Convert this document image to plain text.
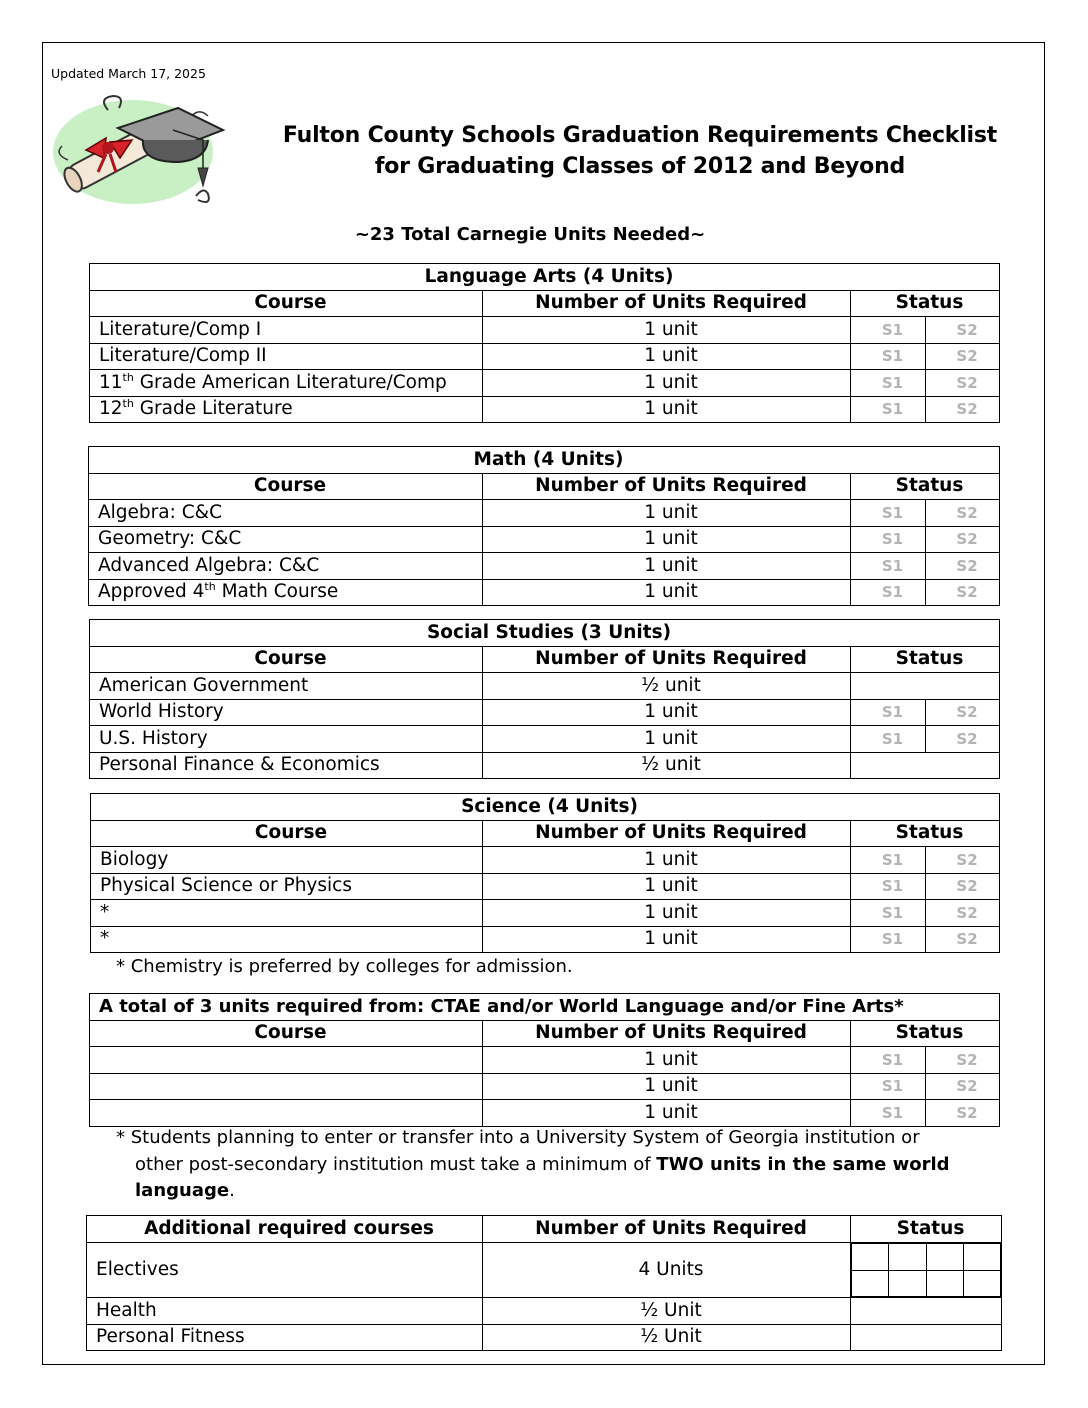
Updated March 17, 2025
Fulton County Schools Graduation Requirements Checklist
for Graduating Classes of 2012 and Beyond
~23 Total Carnegie Units Needed~
Language Arts (4 Units)			
Course	Number of Units Required	Status	
Literature/Comp I	1 unit	S1	S2
Literature/Comp II	1 unit	S1	S2
11th Grade American Literature/Comp	1 unit	S1	S2
12th Grade Literature	1 unit	S1	S2
Math (4 Units)			
Course	Number of Units Required	Status	
Algebra: C&C	1 unit	S1	S2
Geometry: C&C	1 unit	S1	S2
Advanced Algebra: C&C	1 unit	S1	S2
Approved 4th Math Course	1 unit	S1	S2
Social Studies (3 Units)			
Course	Number of Units Required	Status	
American Government	½ unit		
World History	1 unit	S1	S2
U.S. History	1 unit	S1	S2
Personal Finance & Economics	½ unit		
Science (4 Units)			
Course	Number of Units Required	Status	
Biology	1 unit	S1	S2
Physical Science or Physics	1 unit	S1	S2
*	1 unit	S1	S2
*	1 unit	S1	S2
* Chemistry is preferred by colleges for admission.
A total of 3 units required from: CTAE and/or World Language and/or Fine Arts*			
Course	Number of Units Required	Status	
	1 unit	S1	S2
	1 unit	S1	S2
	1 unit	S1	S2
* Students planning to enter or transfer into a University System of Georgia institution or
other post-secondary institution must take a minimum of TWO units in the same world
language.
Additional required courses	Number of Units Required	Status
Electives	4 Units	

Health	½ Unit	
Personal Fitness	½ Unit	
